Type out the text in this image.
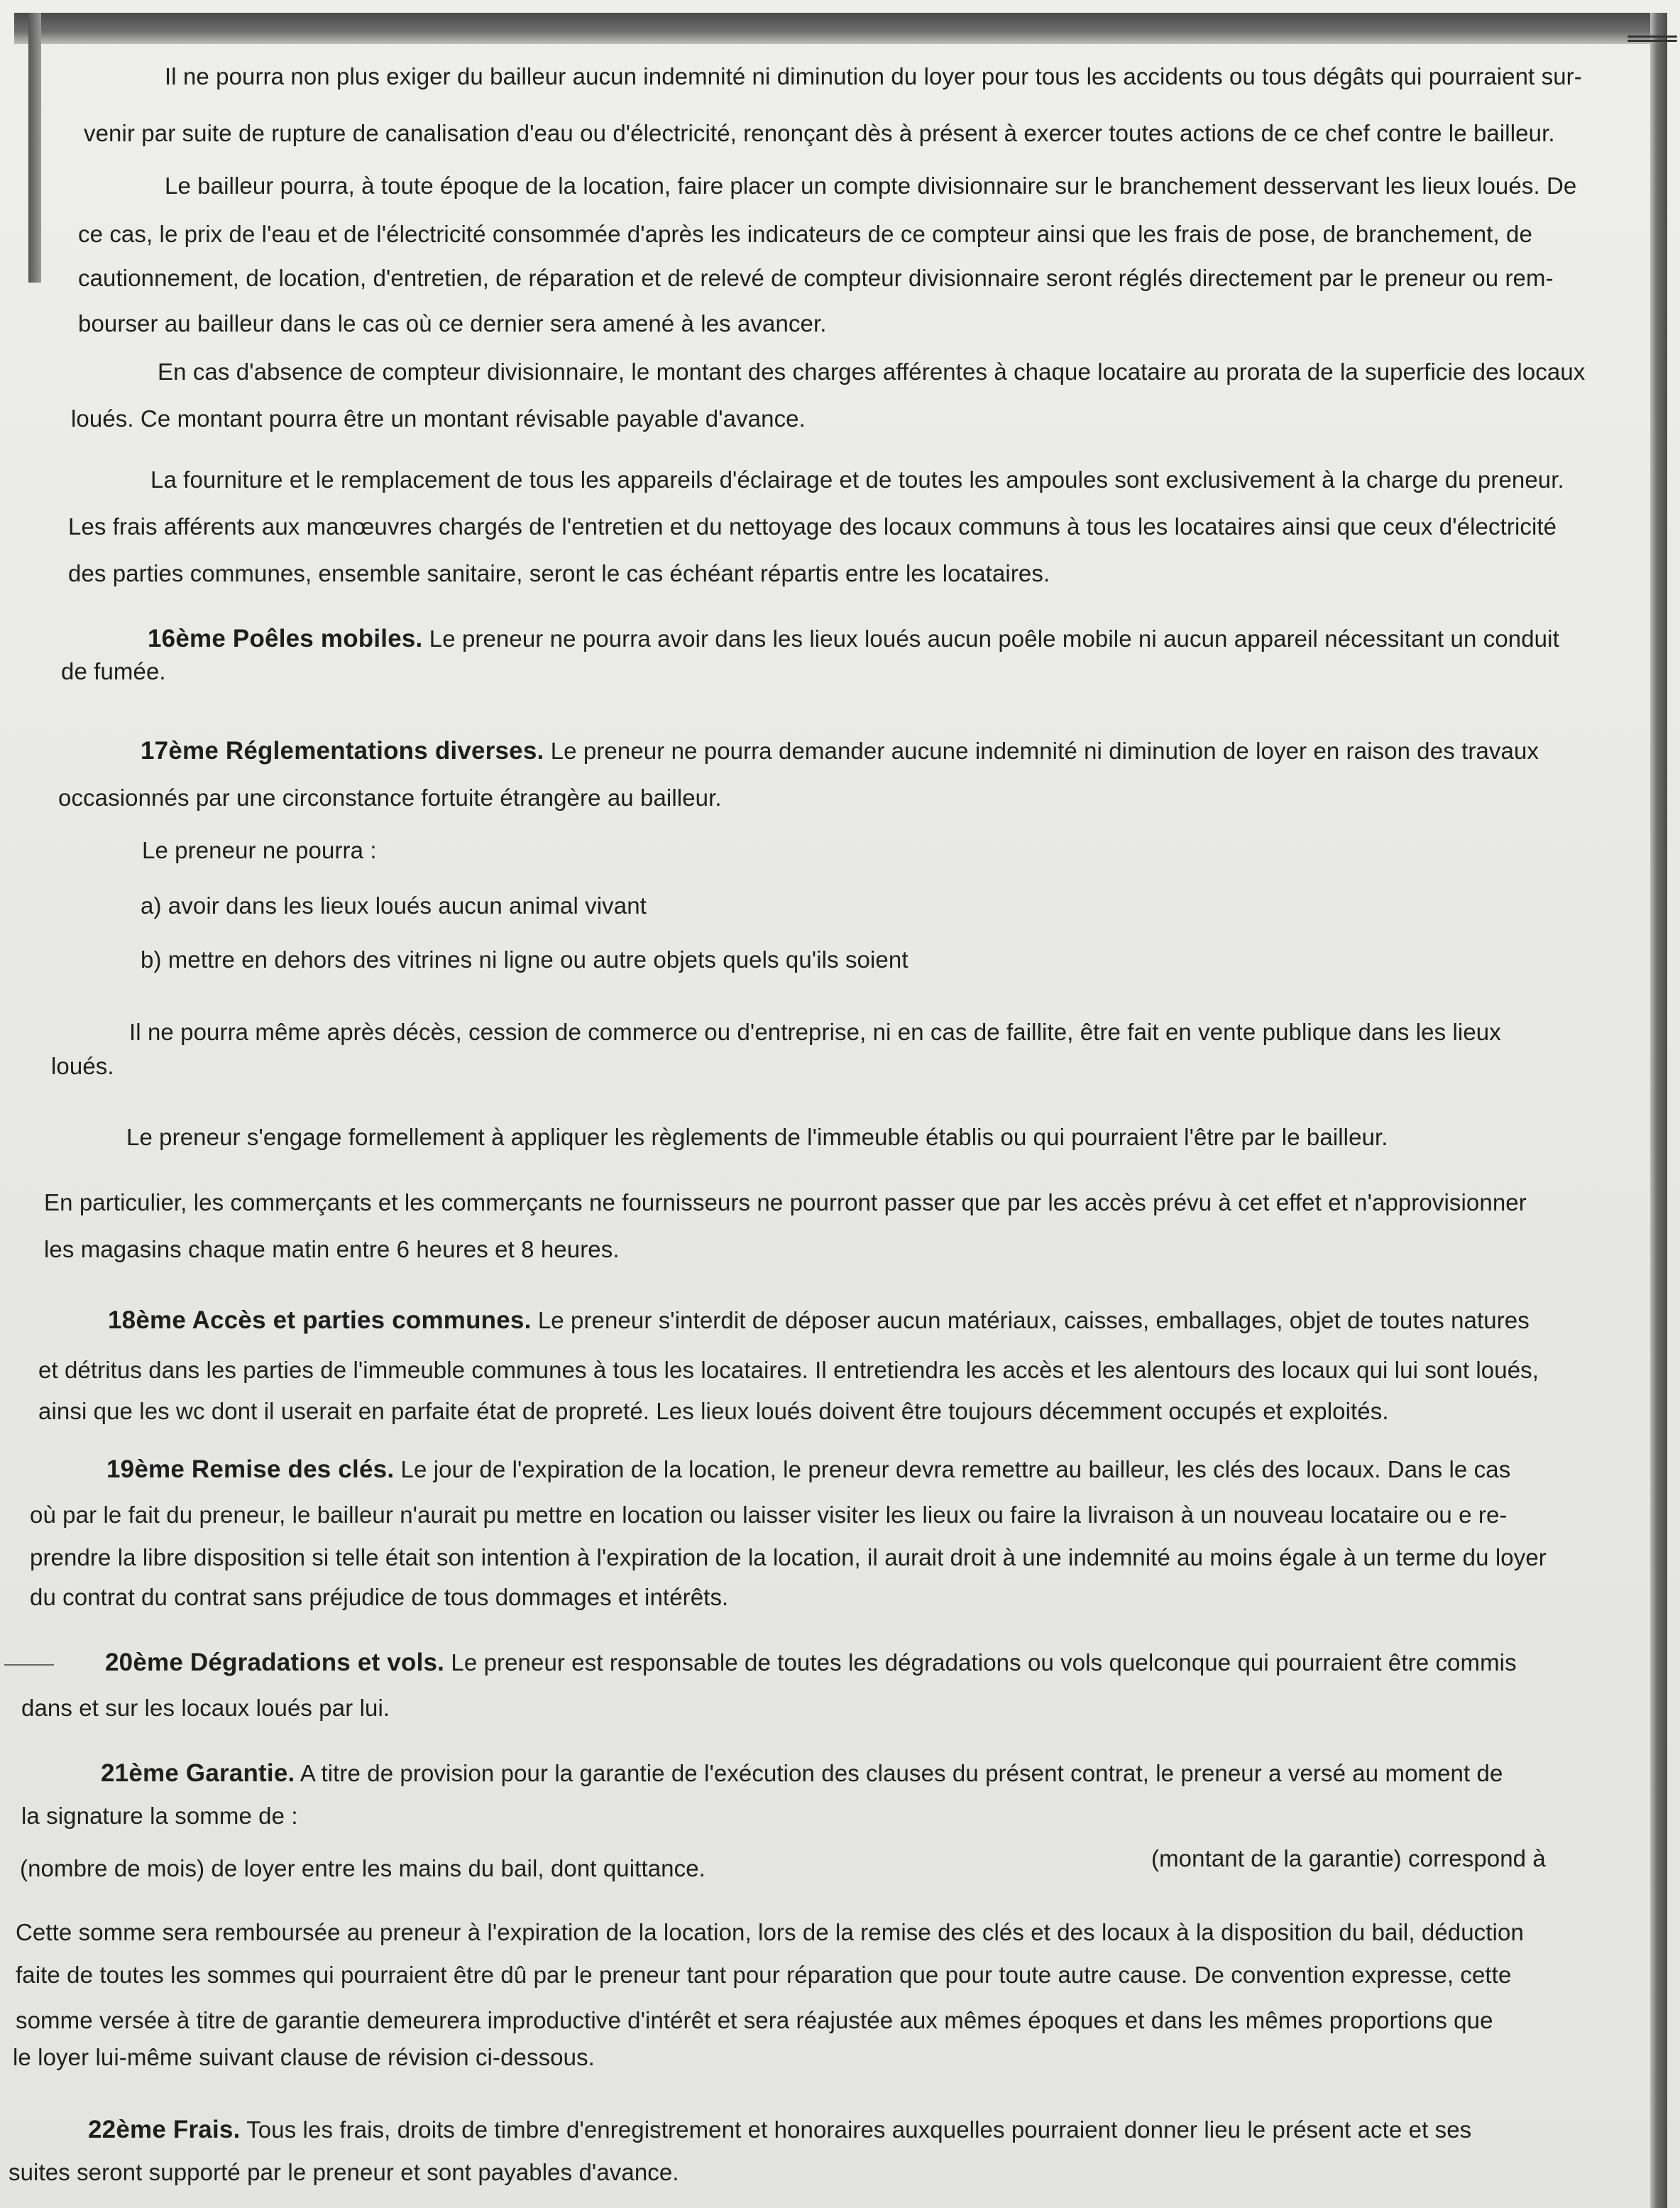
Il ne pourra non plus exiger du bailleur aucun indemnité ni diminution du loyer pour tous les accidents ou tous dégâts qui pourraient sur-

venir par suite de rupture de canalisation d'eau ou d'électricité, renonçant dès à présent à exercer toutes actions de ce chef contre le bailleur.

Le bailleur pourra, à toute époque de la location, faire placer un compte divisionnaire sur le branchement desservant les lieux loués. De

ce cas, le prix de l'eau et de l'électricité consommée d'après les indicateurs de ce compteur ainsi que les frais de pose, de branchement, de

cautionnement, de location, d'entretien, de réparation et de relevé de compteur divisionnaire seront réglés directement par le preneur ou rem-

bourser au bailleur dans le cas où ce dernier sera amené à les avancer.

En cas d'absence de compteur divisionnaire, le montant des charges afférentes à chaque locataire au prorata de la superficie des locaux

loués. Ce montant pourra être un montant révisable payable d'avance.

La fourniture et le remplacement de tous les appareils d'éclairage et de toutes les ampoules sont exclusivement à la charge du preneur.

Les frais afférents aux manœuvres chargés de l'entretien et du nettoyage des locaux communs à tous les locataires ainsi que ceux d'électricité

des parties communes, ensemble sanitaire, seront le cas échéant répartis entre les locataires.

16ème Poêles mobiles. Le preneur ne pourra avoir dans les lieux loués aucun poêle mobile ni aucun appareil nécessitant un conduit

de fumée.

17ème Réglementations diverses. Le preneur ne pourra demander aucune indemnité ni diminution de loyer en raison des travaux

occasionnés par une circonstance fortuite étrangère au bailleur.

Le preneur ne pourra :

a) avoir dans les lieux loués aucun animal vivant

b) mettre en dehors des vitrines ni ligne ou autre objets quels qu'ils soient

Il ne pourra même après décès, cession de commerce ou d'entreprise, ni en cas de faillite, être fait en vente publique dans les lieux

loués.

Le preneur s'engage formellement à appliquer les règlements de l'immeuble établis ou qui pourraient l'être par le bailleur.

En particulier, les commerçants et les commerçants ne fournisseurs ne pourront passer que par les accès prévu à cet effet et n'approvisionner

les magasins chaque matin entre 6 heures et 8 heures.

18ème Accès et parties communes. Le preneur s'interdit de déposer aucun matériaux, caisses, emballages, objet de toutes natures

et détritus dans les parties de l'immeuble communes à tous les locataires. Il entretiendra les accès et les alentours des locaux qui lui sont loués,

ainsi que les wc dont il userait en parfaite état de propreté. Les lieux loués doivent être toujours décemment occupés et exploités.

19ème Remise des clés. Le jour de l'expiration de la location, le preneur devra remettre au bailleur, les clés des locaux. Dans le cas

où par le fait du preneur, le bailleur n'aurait pu mettre en location ou laisser visiter les lieux ou faire la livraison à un nouveau locataire ou e re-

prendre la libre disposition si telle était son intention à l'expiration de la location, il aurait droit à une indemnité au moins égale à un terme du loyer

du contrat du contrat sans préjudice de tous dommages et intérêts.

20ème Dégradations et vols. Le preneur est responsable de toutes les dégradations ou vols quelconque qui pourraient être commis

dans et sur les locaux loués par lui.

21ème Garantie. A titre de provision pour la garantie de l'exécution des clauses du présent contrat, le preneur a versé au moment de

la signature la somme de :

(nombre de mois) de loyer entre les mains du bail, dont quittance.	(montant de la garantie) correspond à

Cette somme sera remboursée au preneur à l'expiration de la location, lors de la remise des clés et des locaux à la disposition du bail, déduction

faite de toutes les sommes qui pourraient être dû par le preneur tant pour réparation que pour toute autre cause. De convention expresse, cette

somme versée à titre de garantie demeurera improductive d'intérêt et sera réajustée aux mêmes époques et dans les mêmes proportions que

le loyer lui-même suivant clause de révision ci-dessous.

22ème Frais. Tous les frais, droits de timbre d'enregistrement et honoraires auxquelles pourraient donner lieu le présent acte et ses

suites seront supporté par le preneur et sont payables d'avance.
